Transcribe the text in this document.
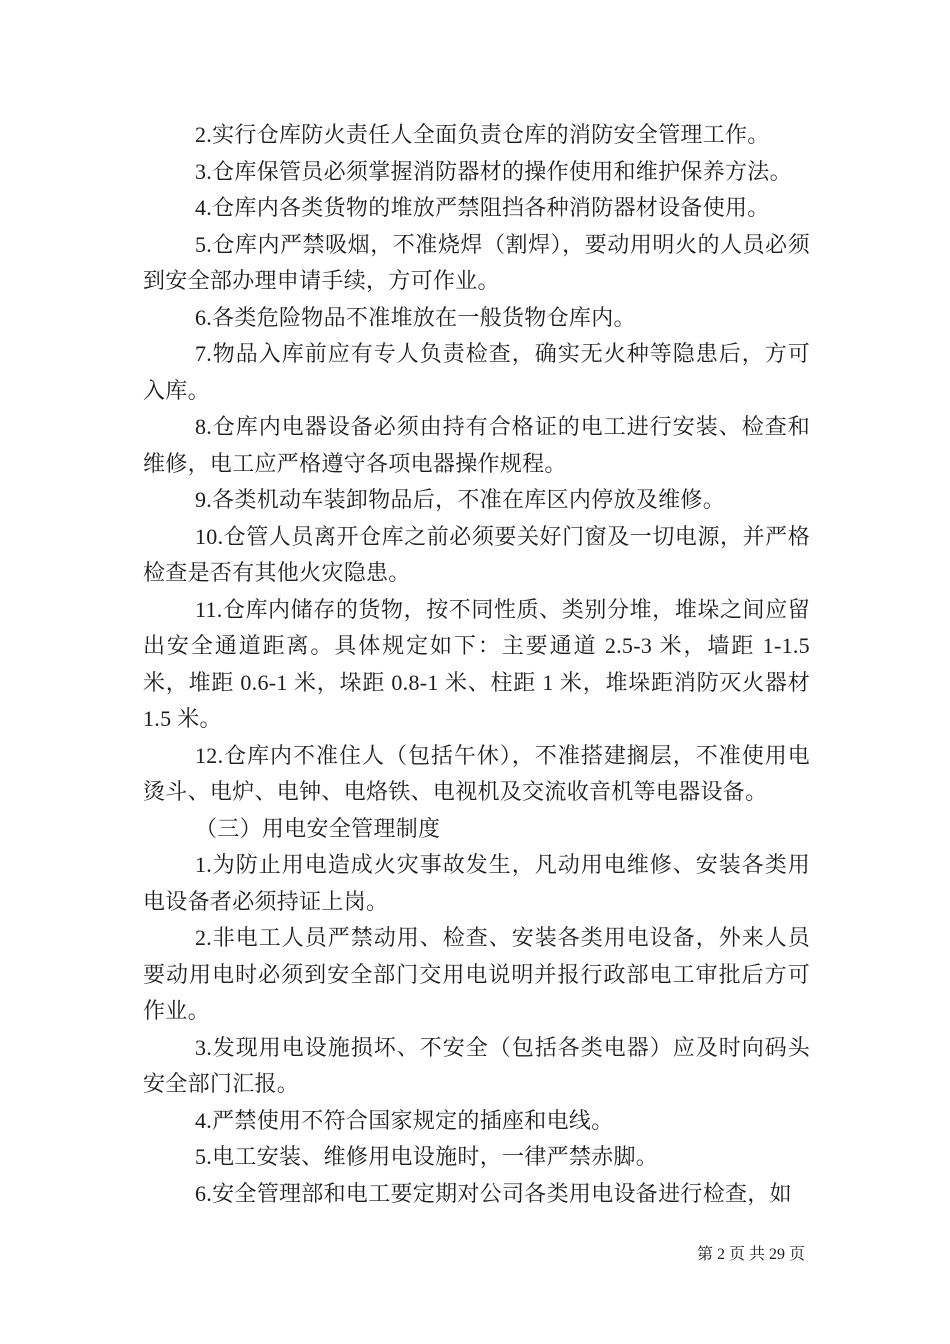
2.实行仓库防火责任人全面负责仓库的消防安全管理工作。

3.仓库保管员必须掌握消防器材的操作使用和维护保养方法。

4.仓库内各类货物的堆放严禁阻挡各种消防器材设备使用。

5.仓库内严禁吸烟，不准烧焊（割焊），要动用明火的人员必须到安全部办理申请手续，方可作业。

6.各类危险物品不准堆放在一般货物仓库内。

7.物品入库前应有专人负责检查，确实无火种等隐患后，方可入库。

8.仓库内电器设备必须由持有合格证的电工进行安装、检查和维修，电工应严格遵守各项电器操作规程。

9.各类机动车装卸物品后，不准在库区内停放及维修。

10.仓管人员离开仓库之前必须要关好门窗及一切电源，并严格检查是否有其他火灾隐患。

11.仓库内储存的货物，按不同性质、类别分堆，堆垛之间应留出安全通道距离。具体规定如下：主要通道 2.5-3 米，墙距 1-1.5 米，堆距 0.6-1 米，垛距 0.8-1 米、柱距 1 米，堆垛距消防灭火器材 1.5 米。

12.仓库内不准住人（包括午休），不准搭建搁层，不准使用电烫斗、电炉、电钟、电烙铁、电视机及交流收音机等电器设备。

（三）用电安全管理制度

1.为防止用电造成火灾事故发生，凡动用电维修、安装各类用电设备者必须持证上岗。

2.非电工人员严禁动用、检查、安装各类用电设备，外来人员要动用电时必须到安全部门交用电说明并报行政部电工审批后方可作业。

3.发现用电设施损坏、不安全（包括各类电器）应及时向码头安全部门汇报。

4.严禁使用不符合国家规定的插座和电线。

5.电工安装、维修用电设施时，一律严禁赤脚。

6.安全管理部和电工要定期对公司各类用电设备进行检查，如

第 2 页 共 29 页
